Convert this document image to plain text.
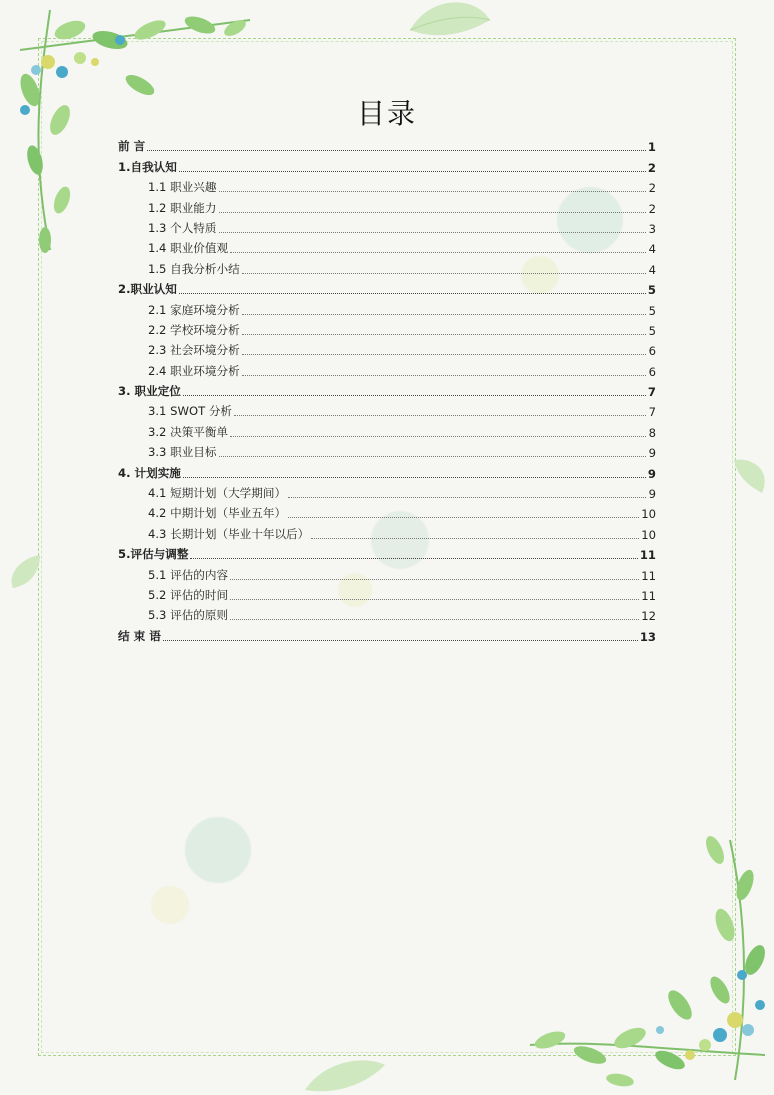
目录
前 言	1
1.自我认知	2
1.1 职业兴趣	2
1.2 职业能力	2
1.3 个人特质	3
1.4 职业价值观	4
1.5 自我分析小结	4
2.职业认知	5
2.1 家庭环境分析	5
2.2 学校环境分析	5
2.3 社会环境分析	6
2.4 职业环境分析	6
3. 职业定位	7
3.1 SWOT 分析	7
3.2 决策平衡单	8
3.3 职业目标	9
4. 计划实施	9
4.1 短期计划（大学期间）	9
4.2 中期计划（毕业五年）	10
4.3 长期计划（毕业十年以后）	10
5.评估与调整	11
5.1 评估的内容	11
5.2 评估的时间	11
5.3 评估的原则	12
结 束 语	13
